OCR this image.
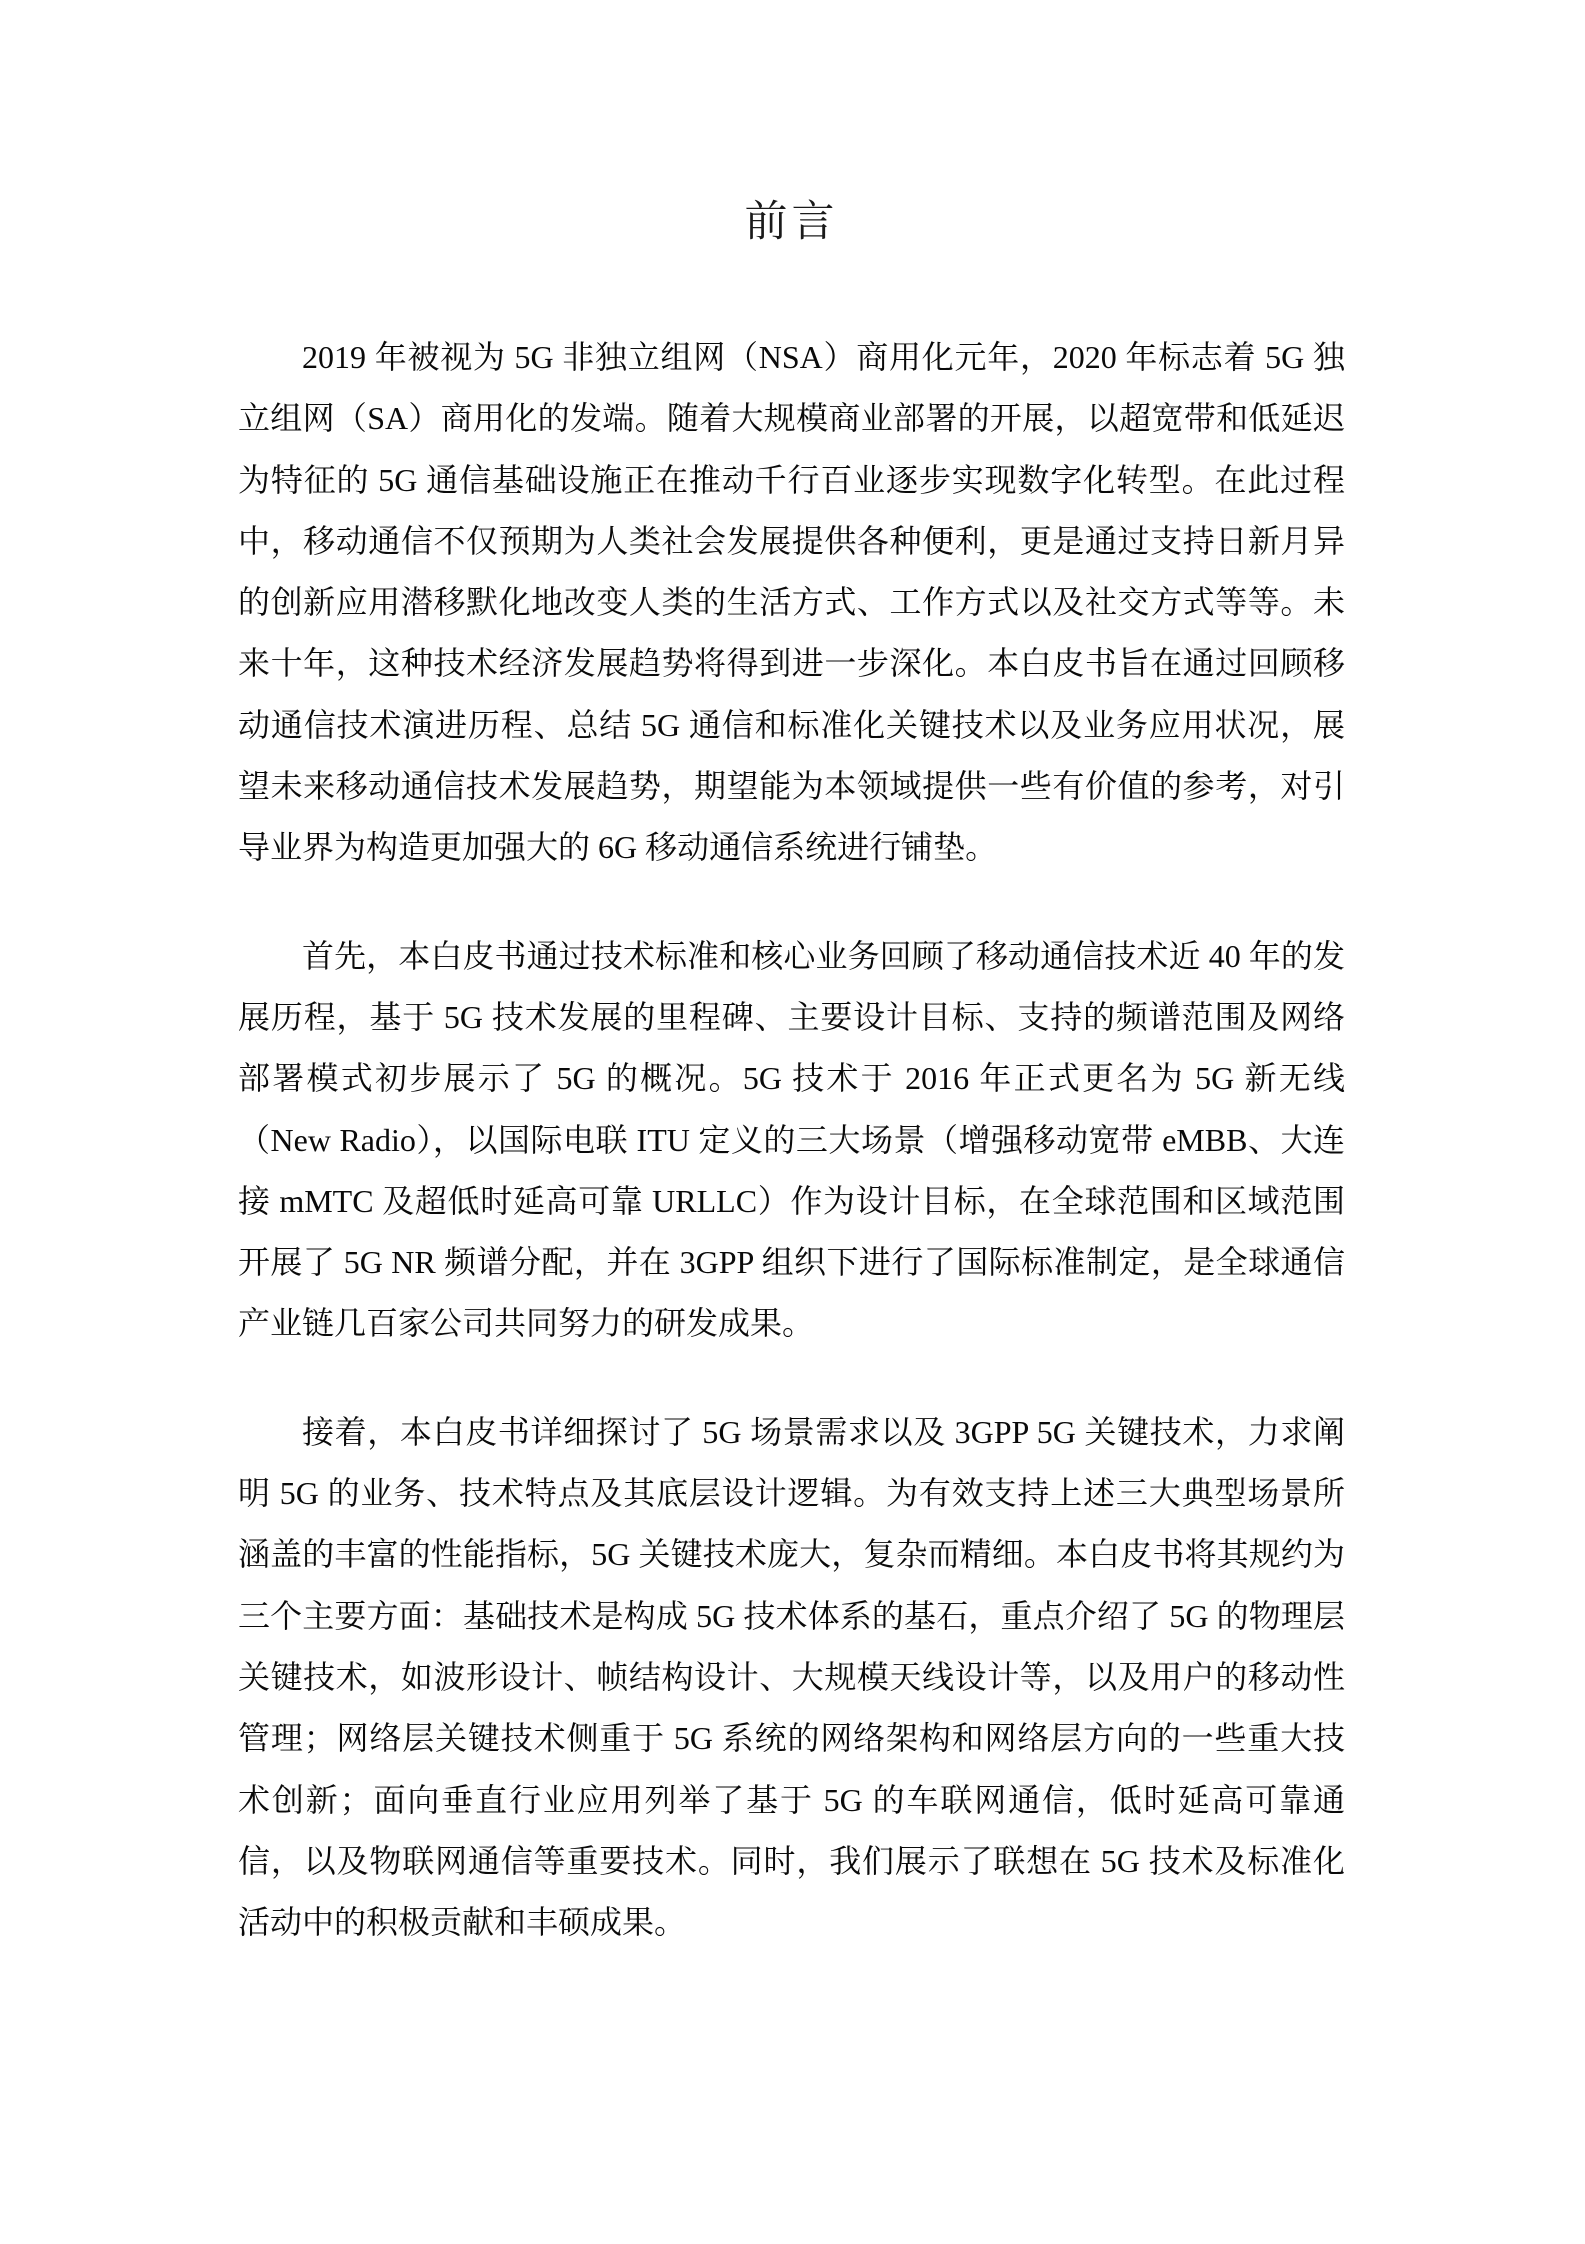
前言

2019 年被视为 5G 非独立组网（NSA）商用化元年，2020 年标志着 5G 独立组网（SA）商用化的发端。随着大规模商业部署的开展，以超宽带和低延迟为特征的 5G 通信基础设施正在推动千行百业逐步实现数字化转型。在此过程中，移动通信不仅预期为人类社会发展提供各种便利，更是通过支持日新月异的创新应用潜移默化地改变人类的生活方式、工作方式以及社交方式等等。未来十年，这种技术经济发展趋势将得到进一步深化。本白皮书旨在通过回顾移动通信技术演进历程、总结 5G 通信和标准化关键技术以及业务应用状况，展望未来移动通信技术发展趋势，期望能为本领域提供一些有价值的参考，对引导业界为构造更加强大的 6G 移动通信系统进行铺垫。

首先，本白皮书通过技术标准和核心业务回顾了移动通信技术近 40 年的发展历程，基于 5G 技术发展的里程碑、主要设计目标、支持的频谱范围及网络部署模式初步展示了 5G 的概况。5G 技术于 2016 年正式更名为 5G 新无线（New Radio），以国际电联 ITU 定义的三大场景（增强移动宽带 eMBB、大连接 mMTC 及超低时延高可靠 URLLC）作为设计目标，在全球范围和区域范围开展了 5G NR 频谱分配，并在 3GPP 组织下进行了国际标准制定，是全球通信产业链几百家公司共同努力的研发成果。

接着，本白皮书详细探讨了 5G 场景需求以及 3GPP 5G 关键技术，力求阐明 5G 的业务、技术特点及其底层设计逻辑。为有效支持上述三大典型场景所涵盖的丰富的性能指标，5G 关键技术庞大，复杂而精细。本白皮书将其规约为三个主要方面：基础技术是构成 5G 技术体系的基石，重点介绍了 5G 的物理层关键技术，如波形设计、帧结构设计、大规模天线设计等，以及用户的移动性管理；网络层关键技术侧重于 5G 系统的网络架构和网络层方向的一些重大技术创新；面向垂直行业应用列举了基于 5G 的车联网通信，低时延高可靠通信，以及物联网通信等重要技术。同时，我们展示了联想在 5G 技术及标准化活动中的积极贡献和丰硕成果。
